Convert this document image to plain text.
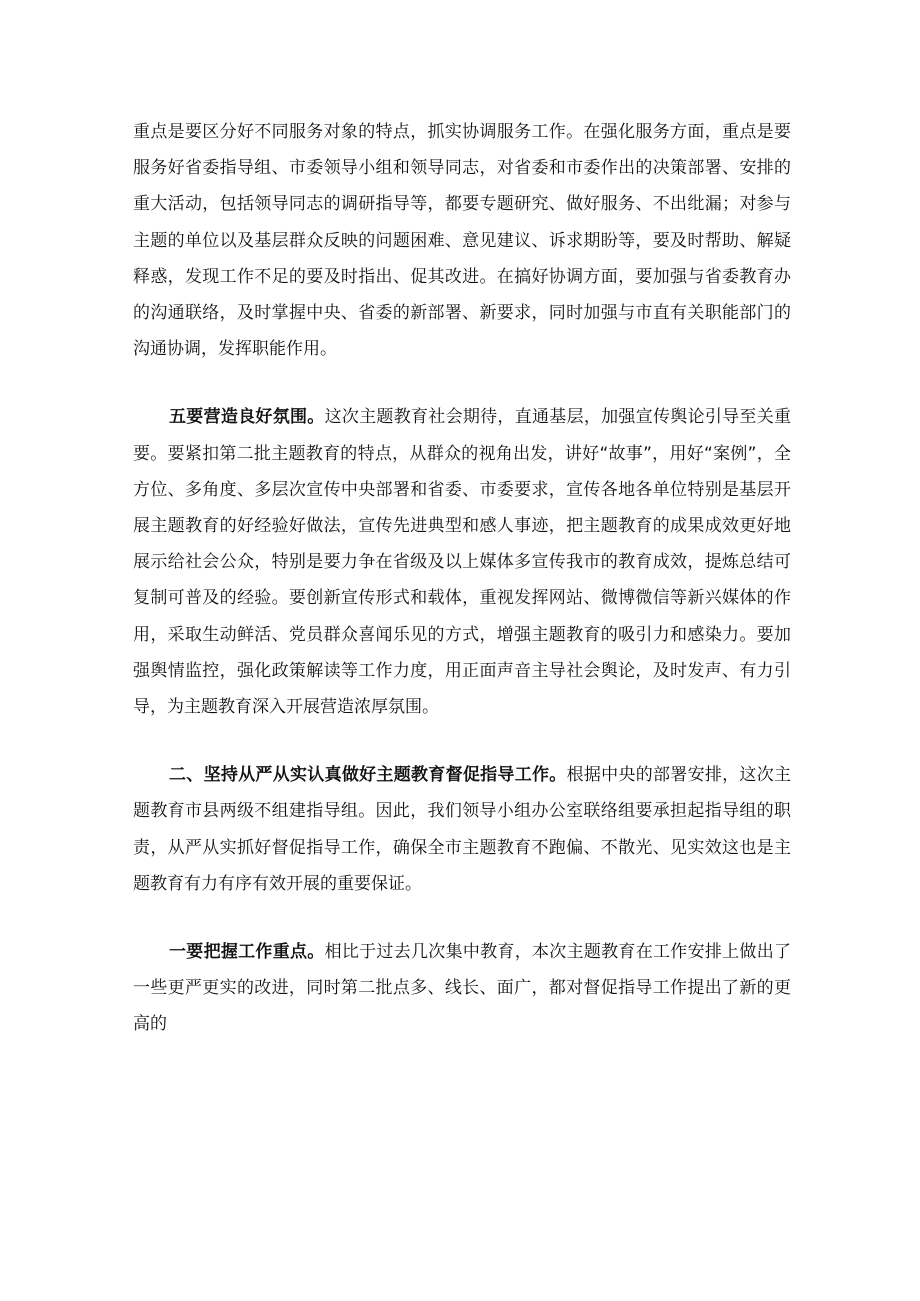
重点是要区分好不同服务对象的特点，抓实协调服务工作。在强化服务方面，重点是要服务好省委指导组、市委领导小组和领导同志，对省委和市委作出的决策部署、安排的重大活动，包括领导同志的调研指导等，都要专题研究、做好服务、不出纰漏；对参与主题的单位以及基层群众反映的问题困难、意见建议、诉求期盼等，要及时帮助、解疑释惑，发现工作不足的要及时指出、促其改进。在搞好协调方面，要加强与省委教育办的沟通联络，及时掌握中央、省委的新部署、新要求，同时加强与市直有关职能部门的沟通协调，发挥职能作用。

五要营造良好氛围。这次主题教育社会期待，直通基层，加强宣传舆论引导至关重要。要紧扣第二批主题教育的特点，从群众的视角出发，讲好“故事”，用好“案例”，全方位、多角度、多层次宣传中央部署和省委、市委要求，宣传各地各单位特别是基层开展主题教育的好经验好做法，宣传先进典型和感人事迹，把主题教育的成果成效更好地展示给社会公众，特别是要力争在省级及以上媒体多宣传我市的教育成效，提炼总结可复制可普及的经验。要创新宣传形式和载体，重视发挥网站、微博微信等新兴媒体的作用，采取生动鲜活、党员群众喜闻乐见的方式，增强主题教育的吸引力和感染力。要加强舆情监控，强化政策解读等工作力度，用正面声音主导社会舆论，及时发声、有力引导，为主题教育深入开展营造浓厚氛围。

二、坚持从严从实认真做好主题教育督促指导工作。根据中央的部署安排，这次主题教育市县两级不组建指导组。因此，我们领导小组办公室联络组要承担起指导组的职责，从严从实抓好督促指导工作，确保全市主题教育不跑偏、不散光、见实效这也是主题教育有力有序有效开展的重要保证。

一要把握工作重点。相比于过去几次集中教育，本次主题教育在工作安排上做出了一些更严更实的改进，同时第二批点多、线长、面广，都对督促指导工作提出了新的更高的
